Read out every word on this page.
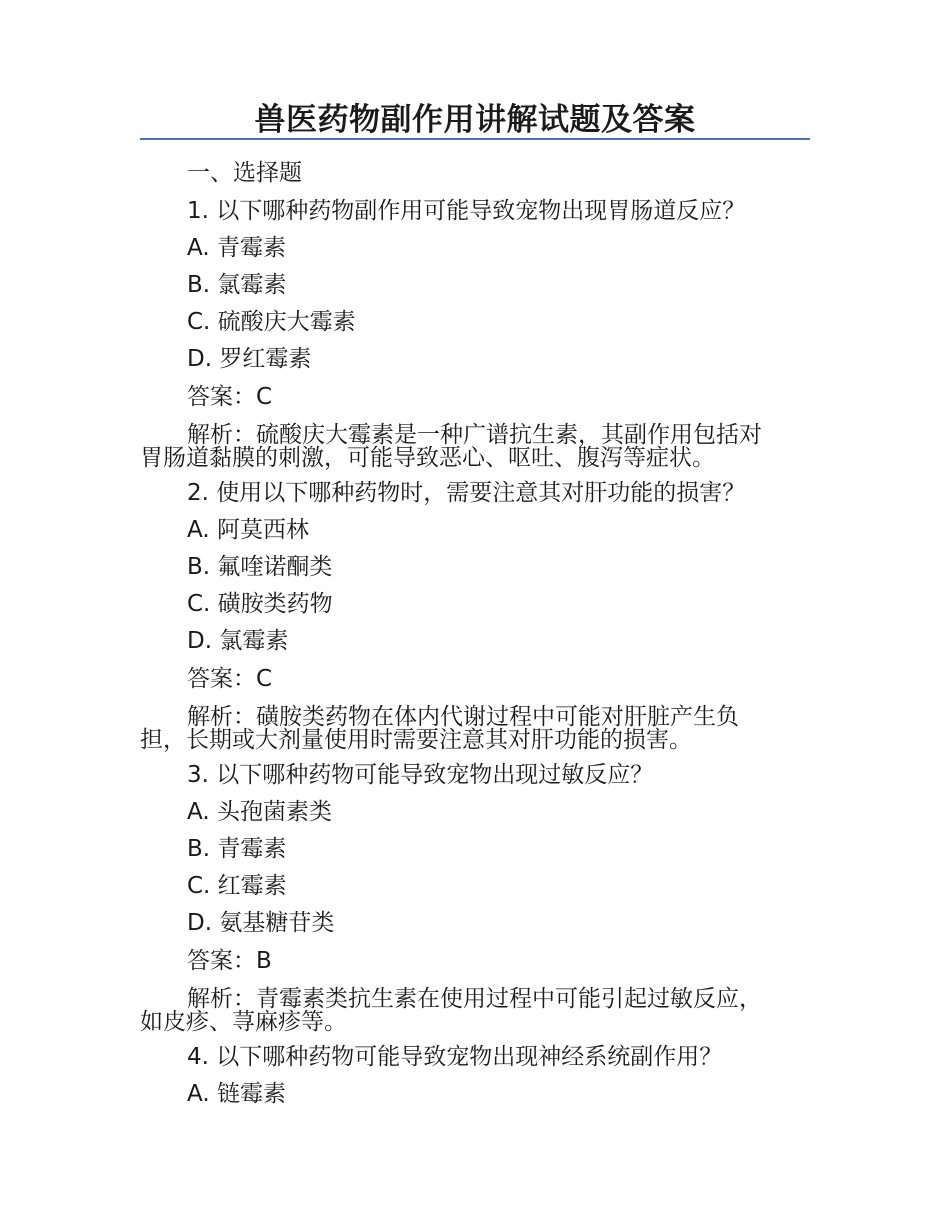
兽医药物副作用讲解试题及答案
一、选择题
1. 以下哪种药物副作用可能导致宠物出现胃肠道反应？
A. 青霉素
B. 氯霉素
C. 硫酸庆大霉素
D. 罗红霉素
答案：C
解析：硫酸庆大霉素是一种广谱抗生素，其副作用包括对
胃肠道黏膜的刺激，可能导致恶心、呕吐、腹泻等症状。
2. 使用以下哪种药物时，需要注意其对肝功能的损害？
A. 阿莫西林
B. 氟喹诺酮类
C. 磺胺类药物
D. 氯霉素
答案：C
解析：磺胺类药物在体内代谢过程中可能对肝脏产生负
担，长期或大剂量使用时需要注意其对肝功能的损害。
3. 以下哪种药物可能导致宠物出现过敏反应？
A. 头孢菌素类
B. 青霉素
C. 红霉素
D. 氨基糖苷类
答案：B
解析：青霉素类抗生素在使用过程中可能引起过敏反应，
如皮疹、荨麻疹等。
4. 以下哪种药物可能导致宠物出现神经系统副作用？
A. 链霉素
